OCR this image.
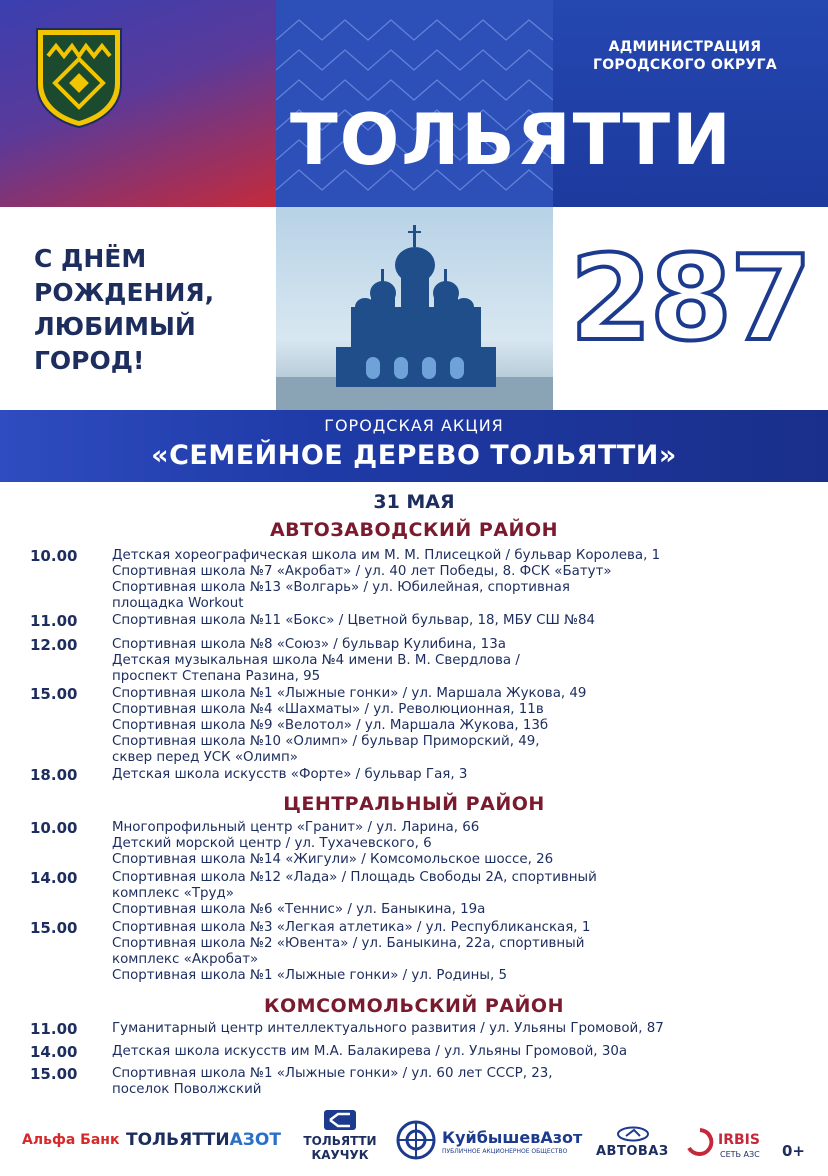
АДМИНИСТРАЦИЯ
ГОРОДСКОГО ОКРУГА
ТОЛЬЯТТИ
С ДНЁМ
РОЖДЕНИЯ,
ЛЮБИМЫЙ
ГОРОД!	287
ГОРОДСКАЯ АКЦИЯ
«СЕМЕЙНОЕ ДЕРЕВО ТОЛЬЯТТИ»
31 МАЯ
АВТОЗАВОДСКИЙ РАЙОН
10.00	Детская хореографическая школа им М. М. Плисецкой / бульвар Королева, 1
Спортивная школа №7 «Акробат» / ул. 40 лет Победы, 8. ФСК «Батут»
Спортивная школа №13 «Волгарь» / ул. Юбилейная, спортивная
площадка Workout
11.00	Спортивная школа №11 «Бокс» / Цветной бульвар, 18, МБУ СШ №84
12.00	Спортивная школа №8 «Союз» / бульвар Кулибина, 13а
Детская музыкальная школа №4 имени В. М. Свердлова /
проспект Степана Разина, 95
15.00	Спортивная школа №1 «Лыжные гонки» / ул. Маршала Жукова, 49
Спортивная школа №4 «Шахматы» / ул. Революционная, 11в
Спортивная школа №9 «Велотол» / ул. Маршала Жукова, 13б
Спортивная школа №10 «Олимп» / бульвар Приморский, 49,
сквер перед УСК «Олимп»
18.00	Детская школа искусств «Форте» / бульвар Гая, 3
ЦЕНТРАЛЬНЫЙ РАЙОН
10.00	Многопрофильный центр «Гранит» / ул. Ларина, 66
Детский морской центр / ул. Тухачевского, 6
Спортивная школа №14 «Жигули» / Комсомольское шоссе, 26
14.00	Спортивная школа №12 «Лада» / Площадь Свободы 2А, спортивный
комплекс «Труд»
Спортивная школа №6 «Теннис» / ул. Баныкина, 19а
15.00	Спортивная школа №3 «Легкая атлетика» / ул. Республиканская, 1
Спортивная школа №2 «Ювента» / ул. Баныкина, 22а, спортивный
комплекс «Акробат»
Спортивная школа №1 «Лыжные гонки» / ул. Родины, 5
КОМСОМОЛЬСКИЙ РАЙОН
11.00	Гуманитарный центр интеллектуального развития / ул. Ульяны Громовой, 87
14.00	Детская школа искусств им М.А. Балакирева / ул. Ульяны Громовой, 30а
15.00	Спортивная школа №1 «Лыжные гонки» / ул. 60 лет СССР, 23,
поселок Поволжский
Альфа Банк ТОЛЬЯТТИАЗОТ ТОЛЬЯТТИ
КАУЧУК
КуйбышевАзот
ПУБЛИЧНОЕ АКЦИОНЕРНОЕ ОБЩЕСТВО АВТОВАЗ
IRBIS
СЕТЬ АЗС 0+
